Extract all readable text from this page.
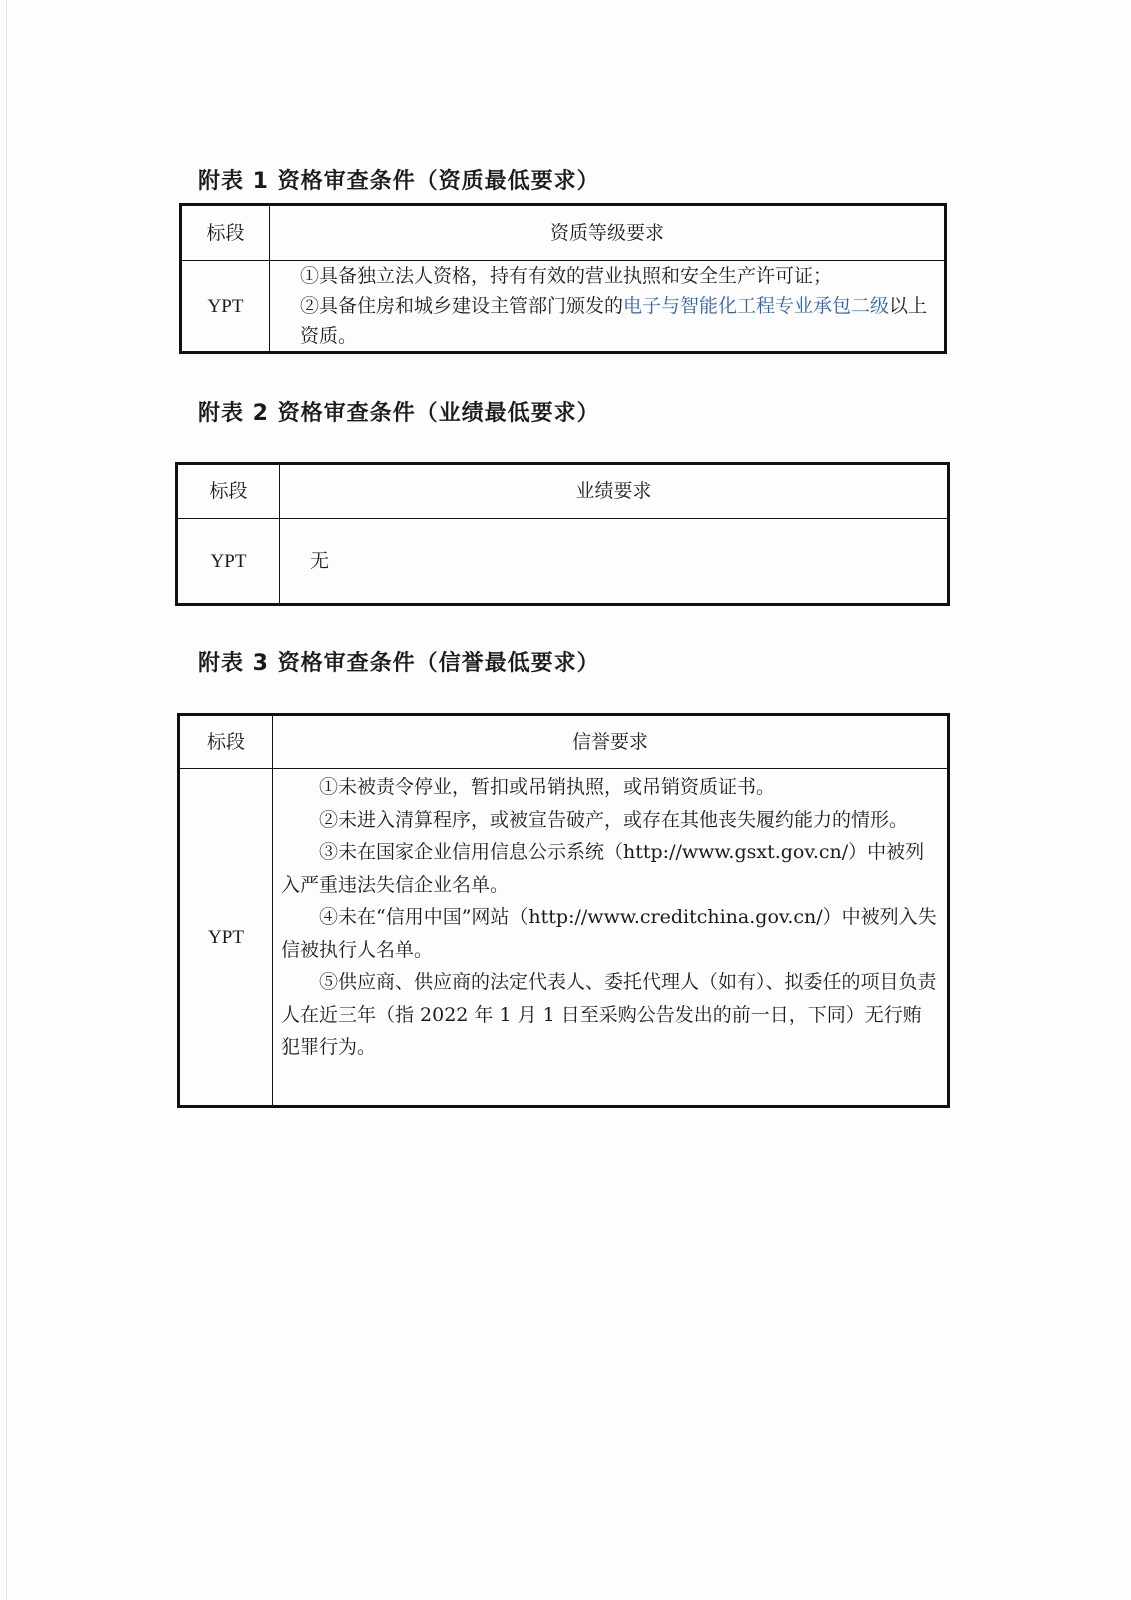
附表 1 资格审查条件（资质最低要求）
标段	资质等级要求
YPT	①具备独立法人资格，持有有效的营业执照和安全生产许可证；
②具备住房和城乡建设主管部门颁发的电子与智能化工程专业承包二级以上资质。
附表 2 资格审查条件（业绩最低要求）
标段	业绩要求
YPT	无
附表 3 资格审查条件（信誉最低要求）
标段	信誉要求
YPT	①未被责令停业，暂扣或吊销执照，或吊销资质证书。
②未进入清算程序，或被宣告破产，或存在其他丧失履约能力的情形。
③未在国家企业信用信息公示系统（http://www.gsxt.gov.cn/）中被列入严重违法失信企业名单。
④未在“信用中国”网站（http://www.creditchina.gov.cn/）中被列入失信被执行人名单。
⑤供应商、供应商的法定代表人、委托代理人（如有）、拟委任的项目负责人在近三年（指 2022 年 1 月 1 日至采购公告发出的前一日，下同）无行贿犯罪行为。
